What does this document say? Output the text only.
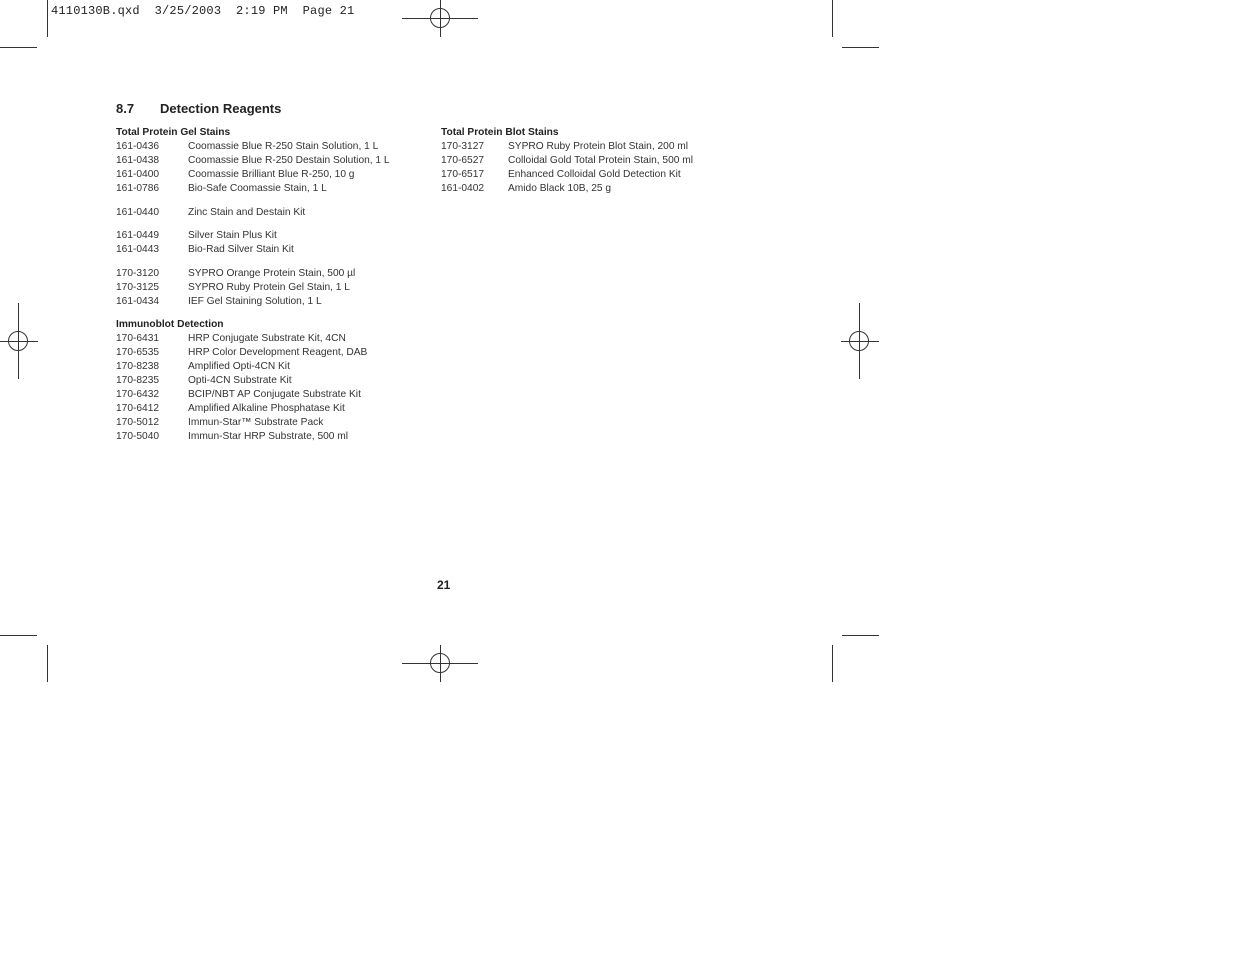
4110130B.qxd  3/25/2003  2:19 PM  Page 21
8.7 Detection Reagents
Total Protein Gel Stains
161-0436	Coomassie Blue R-250 Stain Solution, 1 L
161-0438	Coomassie Blue R-250 Destain Solution, 1 L
161-0400	Coomassie Brilliant Blue R-250, 10 g
161-0786	Bio-Safe Coomassie Stain, 1 L
161-0440	Zinc Stain and Destain Kit
161-0449	Silver Stain Plus Kit
161-0443	Bio-Rad Silver Stain Kit
170-3120	SYPRO Orange Protein Stain, 500 µl
170-3125	SYPRO Ruby Protein Gel Stain, 1 L
161-0434	IEF Gel Staining Solution, 1 L
Immunoblot Detection
170-6431	HRP Conjugate Substrate Kit, 4CN
170-6535	HRP Color Development Reagent, DAB
170-8238	Amplified Opti-4CN Kit
170-8235	Opti-4CN Substrate Kit
170-6432	BCIP/NBT AP Conjugate Substrate Kit
170-6412	Amplified Alkaline Phosphatase Kit
170-5012	Immun-Star™ Substrate Pack
170-5040	Immun-Star HRP Substrate, 500 ml
Total Protein Blot Stains
170-3127	SYPRO Ruby Protein Blot Stain, 200 ml
170-6527	Colloidal Gold Total Protein Stain, 500 ml
170-6517	Enhanced Colloidal Gold Detection Kit
161-0402	Amido Black 10B, 25 g
21
